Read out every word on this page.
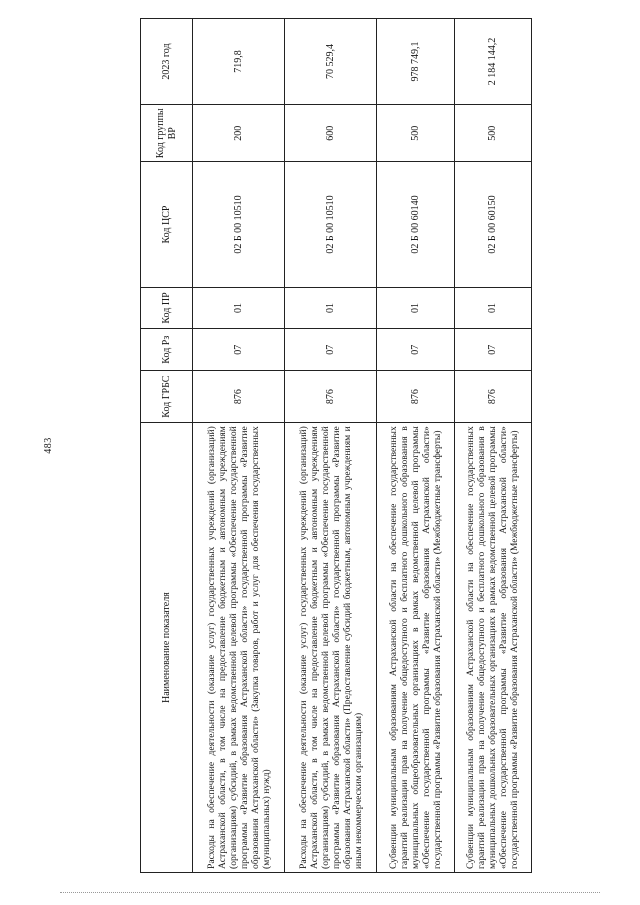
483
Наименование показателя	Код ГРБС	Код Рз	Код ПР	Код ЦСР	Код группы ВР	2023 год
Расходы на обеспечение деятельности (оказание услуг) государственных учреждений (организаций) Астраханской области, в том числе на предоставление бюджетным и автономным учреждениям (организациям) субсидий, в рамках ведомственной целевой программы «Обеспечение государственной программы «Развитие образования Астраханской области» государственной программы «Развитие образования Астраханской области» (Закупка товаров, работ и услуг для обеспечения государственных (муниципальных) нужд)	876	07	01	02 Б 00 10510	200	719,8
Расходы на обеспечение деятельности (оказание услуг) государственных учреждений (организаций) Астраханской области, в том числе на предоставление бюджетным и автономным учреждениям (организациям) субсидий, в рамках ведомственной целевой программы «Обеспечение государственной программы «Развитие образования Астраханской области» государственной программы «Развитие образования Астраханской области» (Предоставление субсидий бюджетным, автономным учреждениям и иным некоммерческим организациям)	876	07	01	02 Б 00 10510	600	70 529,4
Субвенции муниципальным образованиям Астраханской области на обеспечение государственных гарантий реализации прав на получение общедоступного и бесплатного дошкольного образования в муниципальных общеобразовательных организациях в рамках ведомственной целевой программы «Обеспечение государственной программы «Развитие образования Астраханской области» государственной программы «Развитие образования Астраханской области» (Межбюджетные трансферты)	876	07	01	02 Б 00 60140	500	978 749,1
Субвенции муниципальным образованиям Астраханской области на обеспечение государственных гарантий реализации прав на получение общедоступного и бесплатного дошкольного образования в муниципальных дошкольных образовательных организациях в рамках ведомственной целевой программы «Обеспечение государственной программы «Развитие образования Астраханской области» государственной программы «Развитие образования Астраханской области» (Межбюджетные трансферты)	876	07	01	02 Б 00 60150	500	2 184 144,2
